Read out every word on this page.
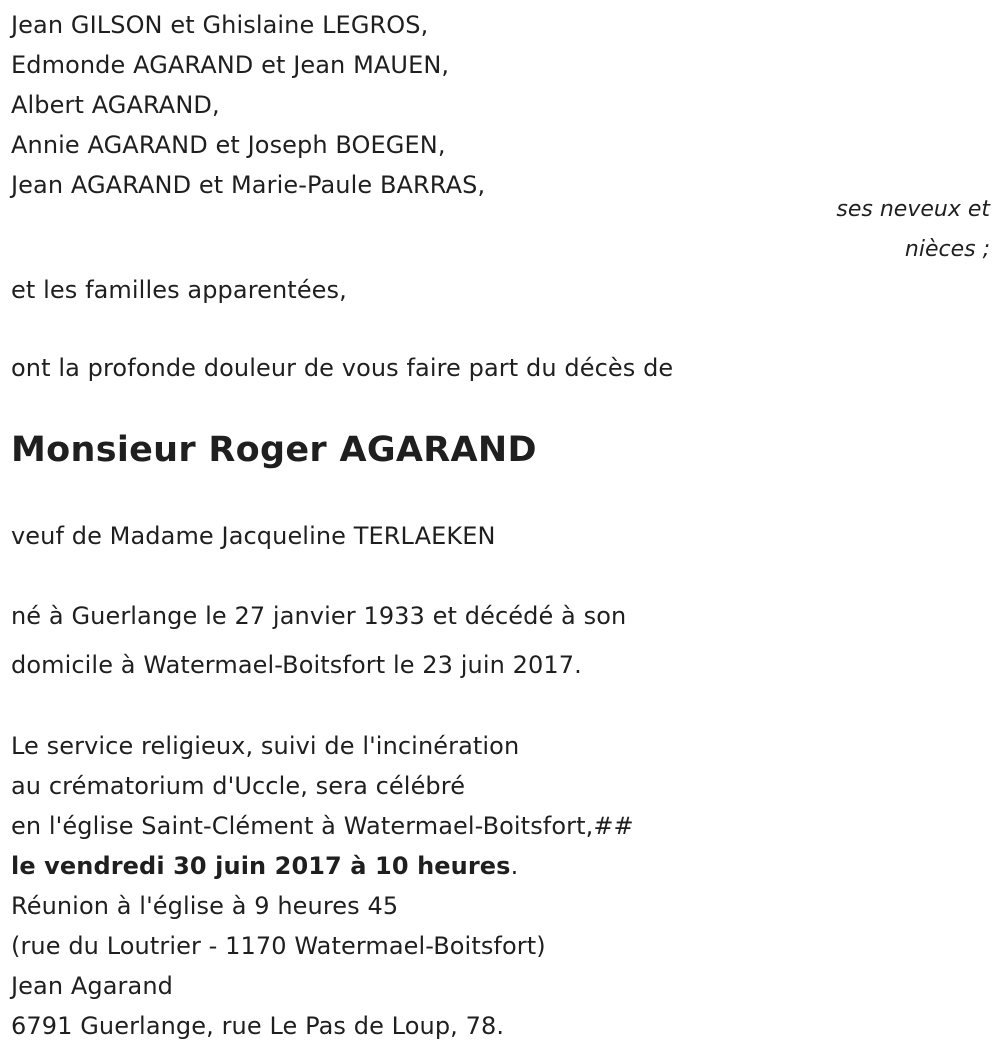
Jean GILSON et Ghislaine LEGROS,

Edmonde AGARAND et Jean MAUEN,

Albert AGARAND,

Annie AGARAND et Joseph BOEGEN,

Jean AGARAND et Marie-Paule BARRAS,

ses neveux et
nièces ;

et les familles apparentées,

ont la profonde douleur de vous faire part du décès de

Monsieur Roger AGARAND

veuf de Madame Jacqueline TERLAEKEN

né à Guerlange le 27 janvier 1933 et décédé à son

domicile à Watermael-Boitsfort le 23 juin 2017.

Le service religieux, suivi de l'incinération

au crématorium d'Uccle, sera célébré

en l'église Saint-Clément à Watermael-Boitsfort,##

le vendredi 30 juin 2017 à 10 heures.

Réunion à l'église à 9 heures 45

(rue du Loutrier - 1170 Watermael-Boitsfort)

Jean Agarand

6791 Guerlange, rue Le Pas de Loup, 78.
